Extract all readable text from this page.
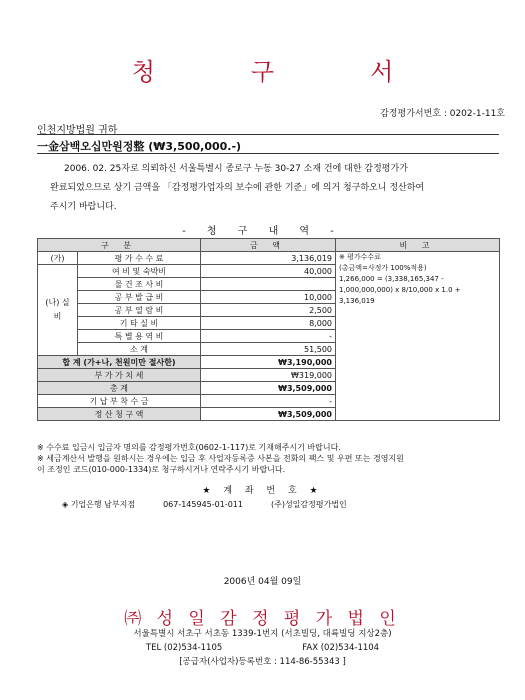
청	구	서
감정평가서번호 : 0202-1-11호
인천지방법원 귀하
一金삼백오십만원정整 (₩3,500,000.-)
2006. 02. 25자로 의뢰하신 서울특별시 종로구 누동 30-27 소재 건에 대한 감정평가가
완료되었으므로 상기 금액을 「감정평가업자의 보수에 관한 기준」에 의거 청구하오니 정산하여
주시기 바랍니다.
- 청 구 내 역 -
구 분		금 액	비 고
(가)	평 가 수 수 료	3,136,019	※ 평가수수료
(총금액=사정가 100%적용)
1,266,000 = (3,338,165,347 -
1,000,000,000) x 8/10,000 x 1.0 +
3,136,019

(나) 실 비	여 비 및 숙박비	40,000	
	물 건 조 사 비		
	공 부 발 급 비	10,000	
	공 부 열 람 비	2,500	
	기 타 실 비	8,000	
	특 별 용 역 비	-	
	소 계	51,500	
합 계 (가+나, 천원미만 절사한)		₩3,190,000	
부 가 가 치 세		₩319,000	
총 계		₩3,509,000	
기 납 부 착 수 금		-	
정 산 청 구 액		₩3,509,000	
※ 수수료 입금시 입금자 명의를 감정평가번호(0602-1-117)로 기재해주시기 바랍니다.
※ 세금계산서 발행을 원하시는 경우에는 입금 후 사업자등록증 사본을 전화의 팩스 및 우편 또는 경영지원
이 조정인 코드(010-000-1334)로 청구하시거나 연락주시기 바랍니다.
★ 계 좌 번 호 ★
◈ 기업은행 남부지점	067-145945-01-011	(주)성일감정평가법인
2006년 04월 09일
㈜ 성 일 감 정 평 가 법 인
서울특별시 서초구 서초동 1339-1번지 (서초빌딩, 대륙빌딩 지상2층)
TEL (02)534-1105	FAX (02)534-1104
[공급자(사업자)등록번호 : 114-86-55343 ]
